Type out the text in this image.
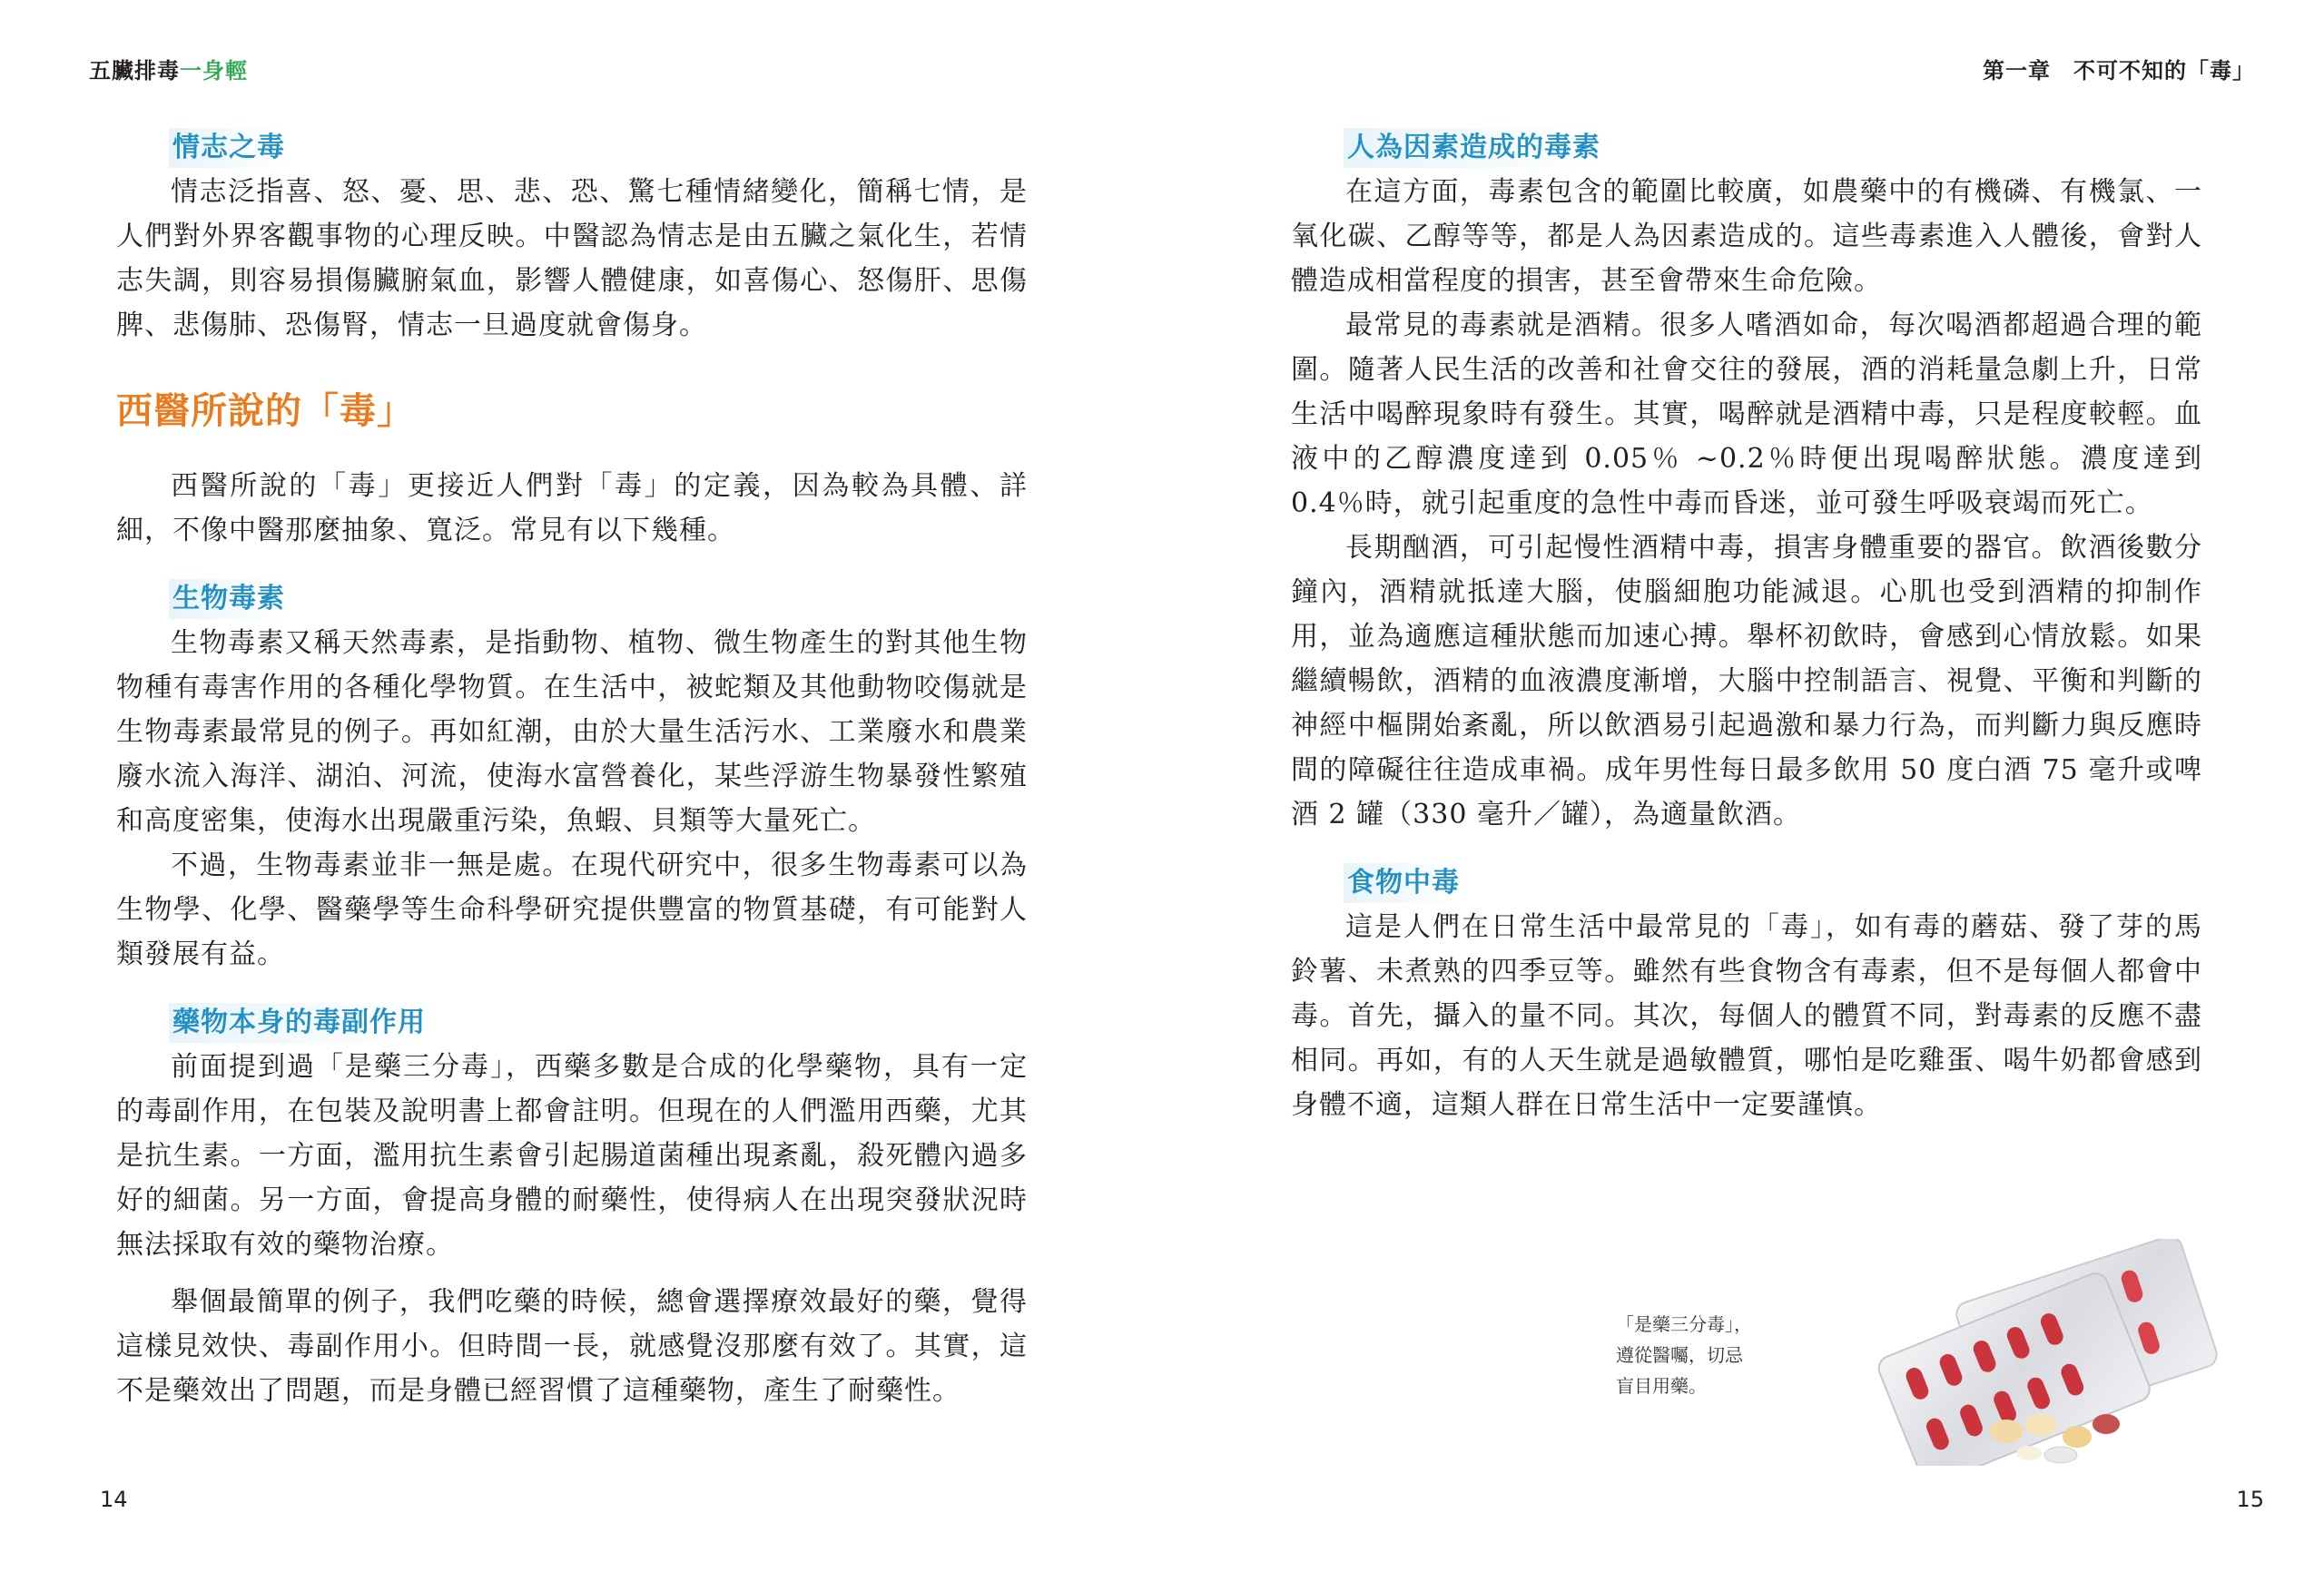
五臟排毒一身輕
情志之毒

情志泛指喜、怒、憂、思、悲、恐、驚七種情緒變化，簡稱七情，是人們對外界客觀事物的心理反映。中醫認為情志是由五臟之氣化生，若情志失調，則容易損傷臟腑氣血，影響人體健康，如喜傷心、怒傷肝、思傷脾、悲傷肺、恐傷腎，情志一旦過度就會傷身。

西醫所說的「毒」

西醫所說的「毒」更接近人們對「毒」的定義，因為較為具體、詳細，不像中醫那麼抽象、寬泛。常見有以下幾種。

生物毒素

生物毒素又稱天然毒素，是指動物、植物、微生物產生的對其他生物物種有毒害作用的各種化學物質。在生活中，被蛇類及其他動物咬傷就是生物毒素最常見的例子。再如紅潮，由於大量生活污水、工業廢水和農業廢水流入海洋、湖泊、河流，使海水富營養化，某些浮游生物暴發性繁殖和高度密集，使海水出現嚴重污染，魚蝦、貝類等大量死亡。

不過，生物毒素並非一無是處。在現代研究中，很多生物毒素可以為生物學、化學、醫藥學等生命科學研究提供豐富的物質基礎，有可能對人類發展有益。

藥物本身的毒副作用

前面提到過「是藥三分毒」，西藥多數是合成的化學藥物，具有一定的毒副作用，在包裝及說明書上都會註明。但現在的人們濫用西藥，尤其是抗生素。一方面，濫用抗生素會引起腸道菌種出現紊亂，殺死體內過多好的細菌。另一方面，會提高身體的耐藥性，使得病人在出現突發狀況時無法採取有效的藥物治療。

舉個最簡單的例子，我們吃藥的時候，總會選擇療效最好的藥，覺得這樣見效快、毒副作用小。但時間一長，就感覺沒那麼有效了。其實，這不是藥效出了問題，而是身體已經習慣了這種藥物，產生了耐藥性。

14
第一章　不可不知的「毒」
人為因素造成的毒素

在這方面，毒素包含的範圍比較廣，如農藥中的有機磷、有機氯、一氧化碳、乙醇等等，都是人為因素造成的。這些毒素進入人體後，會對人體造成相當程度的損害，甚至會帶來生命危險。

最常見的毒素就是酒精。很多人嗜酒如命，每次喝酒都超過合理的範圍。隨著人民生活的改善和社會交往的發展，酒的消耗量急劇上升，日常生活中喝醉現象時有發生。其實，喝醉就是酒精中毒，只是程度較輕。血液中的乙醇濃度達到 0.05％ ~0.2％時便出現喝醉狀態。濃度達到 0.4％時，就引起重度的急性中毒而昏迷，並可發生呼吸衰竭而死亡。

長期酗酒，可引起慢性酒精中毒，損害身體重要的器官。飲酒後數分鐘內，酒精就抵達大腦，使腦細胞功能減退。心肌也受到酒精的抑制作用，並為適應這種狀態而加速心搏。舉杯初飲時，會感到心情放鬆。如果繼續暢飲，酒精的血液濃度漸增，大腦中控制語言、視覺、平衡和判斷的神經中樞開始紊亂，所以飲酒易引起過激和暴力行為，而判斷力與反應時間的障礙往往造成車禍。成年男性每日最多飲用 50 度白酒 75 毫升或啤酒 2 罐（330 毫升／罐），為適量飲酒。

食物中毒

這是人們在日常生活中最常見的「毒」，如有毒的蘑菇、發了芽的馬鈴薯、未煮熟的四季豆等。雖然有些食物含有毒素，但不是每個人都會中毒。首先，攝入的量不同。其次，每個人的體質不同，對毒素的反應不盡相同。再如，有的人天生就是過敏體質，哪怕是吃雞蛋、喝牛奶都會感到身體不適，這類人群在日常生活中一定要謹慎。

「是藥三分毒」，
遵從醫囑，切忌
盲目用藥。
15
